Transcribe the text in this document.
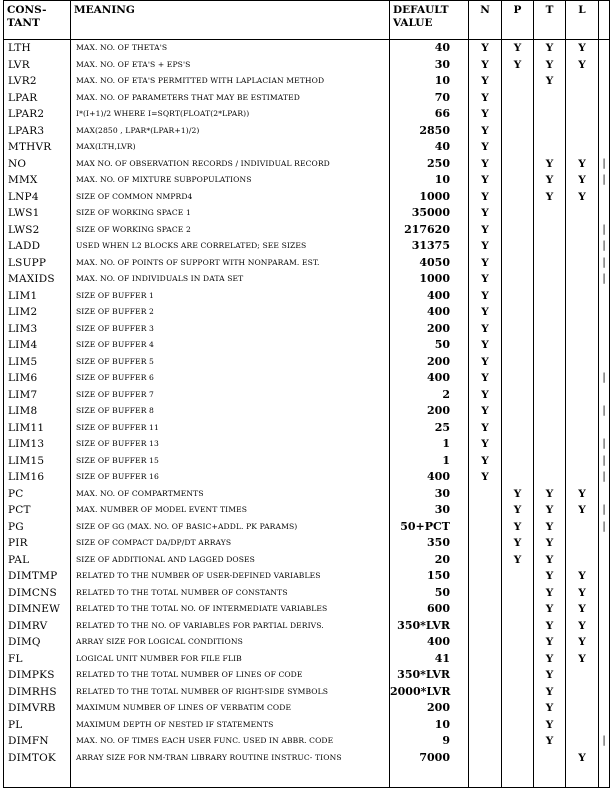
CONS- TANT	MEANING	DEFAULT VALUE	N	P	T	L	

LTH	MAX. NO. OF THETA'S	40	Y	Y	Y	Y	
LVR	MAX. NO. OF ETA'S + EPS'S	30	Y	Y	Y	Y	
LVR2	MAX. NO. OF ETA'S PERMITTED WITH LAPLACIAN METHOD	10	Y		Y		
LPAR	MAX. NO. OF PARAMETERS THAT MAY BE ESTIMATED	70	Y				
LPAR2	I*(I+1)/2 WHERE I=SQRT(FLOAT(2*LPAR))	66	Y				
LPAR3	MAX(2850 , LPAR*(LPAR+1)/2)	2850	Y				
MTHVR	MAX(LTH,LVR)	40	Y				
NO	MAX NO. OF OBSERVATION RECORDS / INDIVIDUAL RECORD	250	Y		Y	Y	|
MMX	MAX. NO. OF MIXTURE SUBPOPULATIONS	10	Y		Y	Y	|
LNP4	SIZE OF COMMON NMPRD4	1000	Y		Y	Y	
LWS1	SIZE OF WORKING SPACE 1	35000	Y				
LWS2	SIZE OF WORKING SPACE 2	217620	Y				|
LADD	USED WHEN L2 BLOCKS ARE CORRELATED; SEE SIZES	31375	Y				|
LSUPP	MAX. NO. OF POINTS OF SUPPORT WITH NONPARAM. EST.	4050	Y				|
MAXIDS	MAX. NO. OF INDIVIDUALS IN DATA SET	1000	Y				|
LIM1	SIZE OF BUFFER 1	400	Y				
LIM2	SIZE OF BUFFER 2	400	Y				
LIM3	SIZE OF BUFFER 3	200	Y				
LIM4	SIZE OF BUFFER 4	50	Y				
LIM5	SIZE OF BUFFER 5	200	Y				
LIM6	SIZE OF BUFFER 6	400	Y				|
LIM7	SIZE OF BUFFER 7	2	Y				
LIM8	SIZE OF BUFFER 8	200	Y				|
LIM11	SIZE OF BUFFER 11	25	Y				
LIM13	SIZE OF BUFFER 13	1	Y				|
LIM15	SIZE OF BUFFER 15	1	Y				|
LIM16	SIZE OF BUFFER 16	400	Y				|
PC	MAX. NO. OF COMPARTMENTS	30		Y	Y	Y	
PCT	MAX. NUMBER OF MODEL EVENT TIMES	30		Y	Y	Y	|
PG	SIZE OF GG (MAX. NO. OF BASIC+ADDL. PK PARAMS)	50+PCT		Y	Y		|
PIR	SIZE OF COMPACT DA/DP/DT ARRAYS	350		Y	Y		
PAL	SIZE OF ADDITIONAL AND LAGGED DOSES	20		Y	Y		
DIMTMP	RELATED TO THE NUMBER OF USER-DEFINED VARIABLES	150			Y	Y	
DIMCNS	RELATED TO THE TOTAL NUMBER OF CONSTANTS	50			Y	Y	
DIMNEW	RELATED TO THE TOTAL NO. OF INTERMEDIATE VARIABLES	600			Y	Y	
DIMRV	RELATED TO THE NO. OF VARIABLES FOR PARTIAL DERIVS.	350*LVR			Y	Y	
DIMQ	ARRAY SIZE FOR LOGICAL CONDITIONS	400			Y	Y	
FL	LOGICAL UNIT NUMBER FOR FILE FLIB	41			Y	Y	
DIMPKS	RELATED TO THE TOTAL NUMBER OF LINES OF CODE	350*LVR			Y		
DIMRHS	RELATED TO THE TOTAL NUMBER OF RIGHT-SIDE SYMBOLS	2000*LVR			Y		
DIMVRB	MAXIMUM NUMBER OF LINES OF VERBATIM CODE	200			Y		
PL	MAXIMUM DEPTH OF NESTED IF STATEMENTS	10			Y		
DIMFN	MAX. NO. OF TIMES EACH USER FUNC. USED IN ABBR. CODE	9			Y		|
DIMTOK	ARRAY SIZE FOR NM-TRAN LIBRARY ROUTINE INSTRUC- TIONS	7000				Y	
